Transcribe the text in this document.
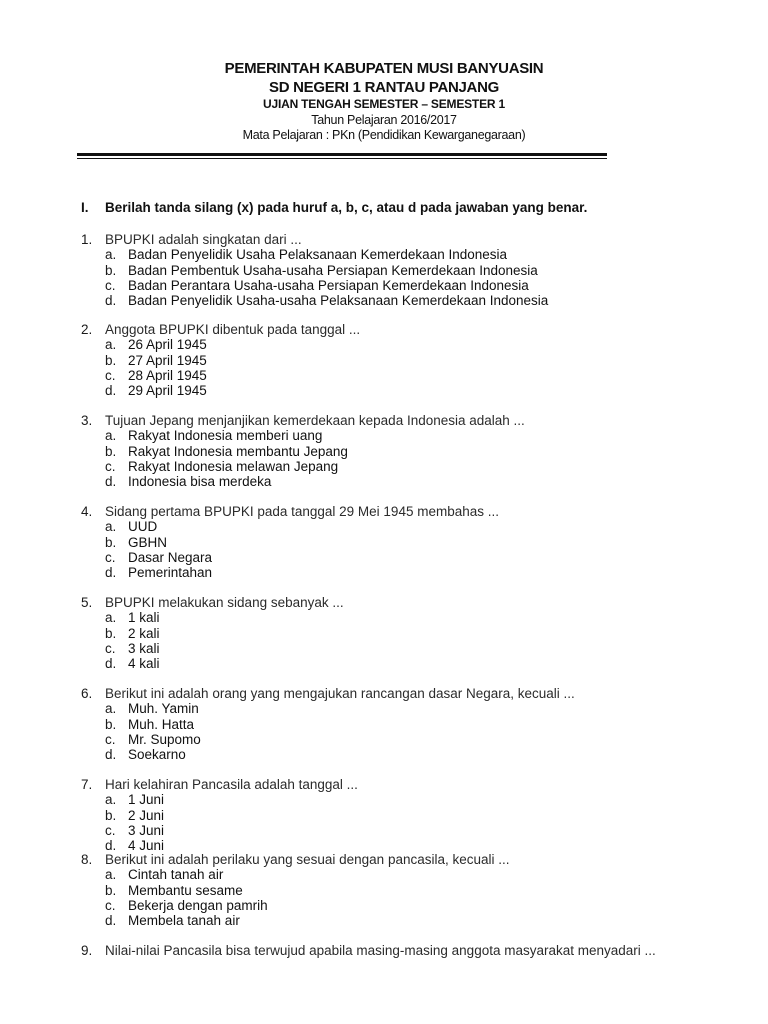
PEMERINTAH KABUPATEN MUSI BANYUASIN
SD NEGERI 1 RANTAU PANJANG
UJIAN TENGAH SEMESTER – SEMESTER 1
Tahun Pelajaran 2016/2017
Mata Pelajaran : PKn (Pendidikan Kewarganegaraan)
I. Berilah tanda silang (x) pada huruf a, b, c, atau d pada jawaban yang benar.
1. BPUPKI adalah singkatan dari ...
a. Badan Penyelidik Usaha Pelaksanaan Kemerdekaan Indonesia
b. Badan Pembentuk Usaha-usaha Persiapan Kemerdekaan Indonesia
c. Badan Perantara Usaha-usaha Persiapan Kemerdekaan Indonesia
d. Badan Penyelidik Usaha-usaha Pelaksanaan Kemerdekaan Indonesia
2. Anggota BPUPKI dibentuk pada tanggal ...
a. 26 April 1945
b. 27 April 1945
c. 28 April 1945
d. 29 April 1945
3. Tujuan Jepang menjanjikan kemerdekaan kepada Indonesia adalah ...
a. Rakyat Indonesia memberi uang
b. Rakyat Indonesia membantu Jepang
c. Rakyat Indonesia melawan Jepang
d. Indonesia bisa merdeka
4. Sidang pertama BPUPKI pada tanggal 29 Mei 1945 membahas ...
a. UUD
b. GBHN
c. Dasar Negara
d. Pemerintahan
5. BPUPKI melakukan sidang sebanyak ...
a. 1 kali
b. 2 kali
c. 3 kali
d. 4 kali
6. Berikut ini adalah orang yang mengajukan rancangan dasar Negara, kecuali ...
a. Muh. Yamin
b. Muh. Hatta
c. Mr. Supomo
d. Soekarno
7. Hari kelahiran Pancasila adalah tanggal ...
a. 1 Juni
b. 2 Juni
c. 3 Juni
d. 4 Juni
8. Berikut ini adalah perilaku yang sesuai dengan pancasila, kecuali ...
a. Cintah tanah air
b. Membantu sesame
c. Bekerja dengan pamrih
d. Membela tanah air
9. Nilai-nilai Pancasila bisa terwujud apabila masing-masing anggota masyarakat menyadari ...
